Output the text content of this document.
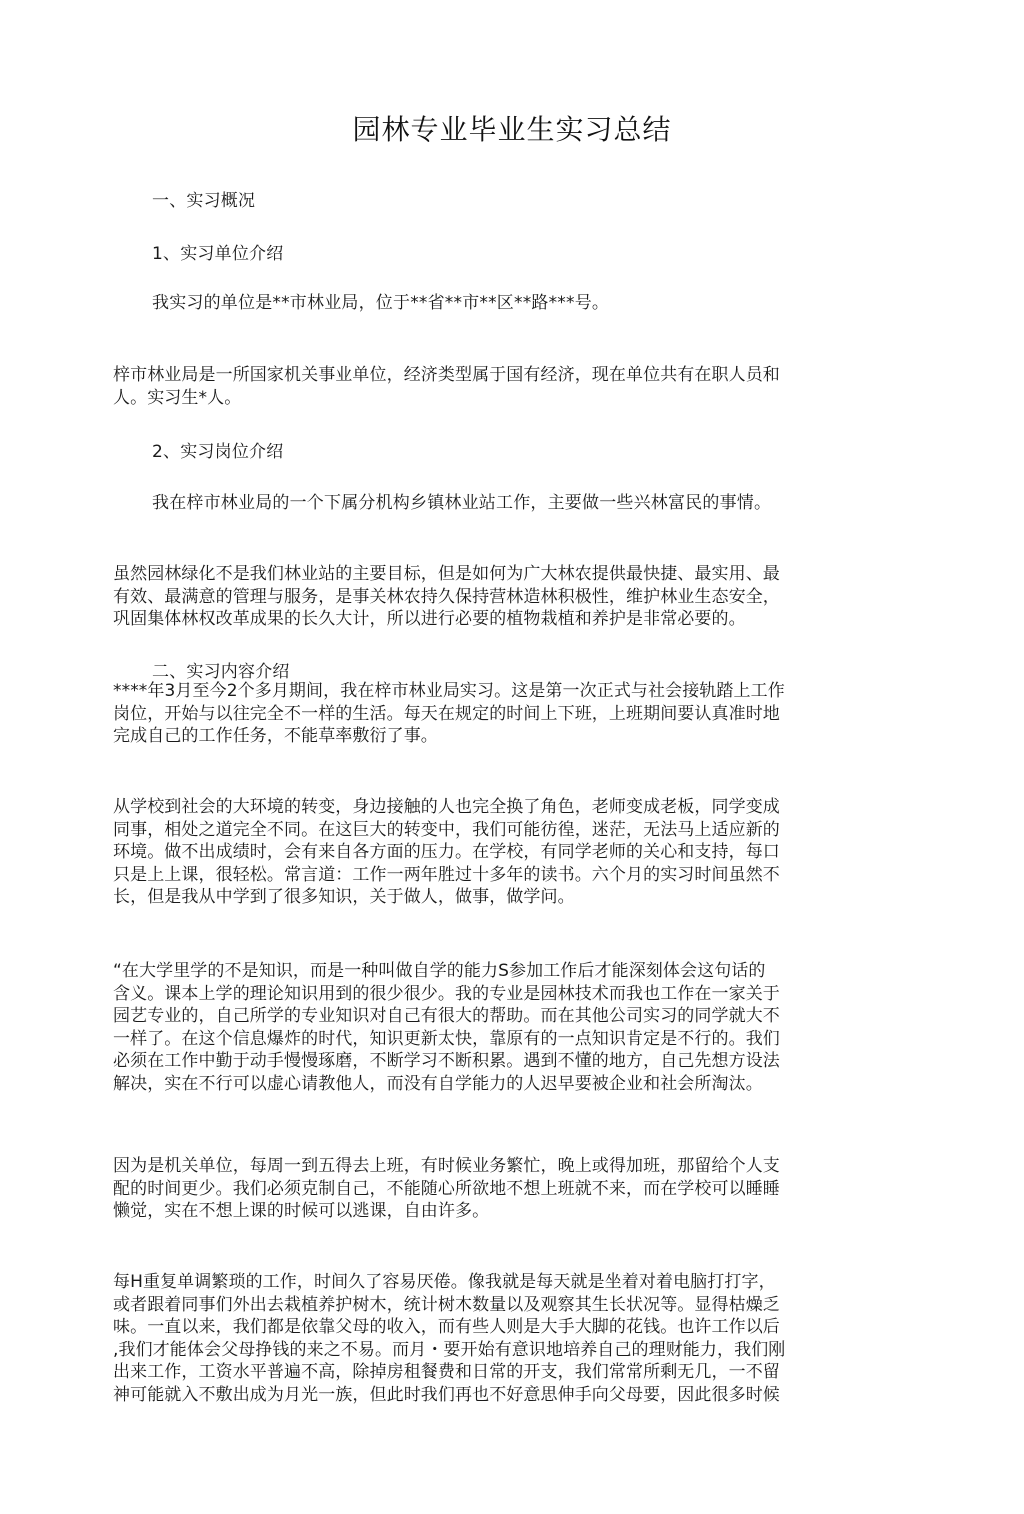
园林专业毕业生实习总结
一、实习概况
1、实习单位介绍
我实习的单位是**市林业局，位于**省**市**区**路***号。
梓市林业局是一所国家机关事业单位，经济类型属于国有经济，现在单位共有在职人员和
人。实习生*人。
2、实习岗位介绍
我在梓市林业局的一个下属分机构乡镇林业站工作，主要做一些兴林富民的事情。
虽然园林绿化不是我们林业站的主要目标，但是如何为广大林农提供最快捷、最实用、最
有效、最满意的管理与服务，是事关林农持久保持营林造林积极性，维护林业生态安全，
巩固集体林权改革成果的长久大计，所以进行必要的植物栽植和养护是非常必要的。
二、实习内容介绍
****年3月至今2个多月期间，我在梓市林业局实习。这是第一次正式与社会接轨踏上工作
岗位，开始与以往完全不一样的生活。每天在规定的时间上下班，上班期间要认真准时地
完成自己的工作任务，不能草率敷衍了事。
从学校到社会的大环境的转变，身边接触的人也完全换了角色，老师变成老板，同学变成
同事，相处之道完全不同。在这巨大的转变中，我们可能彷徨，迷茫，无法马上适应新的
环境。做不出成绩时，会有来自各方面的压力。在学校，有同学老师的关心和支持，每口
只是上上课，很轻松。常言道：工作一两年胜过十多年的读书。六个月的实习时间虽然不
长，但是我从中学到了很多知识，关于做人，做事，做学问。
“在大学里学的不是知识，而是一种叫做自学的能力S参加工作后才能深刻体会这句话的
含义。课本上学的理论知识用到的很少很少。我的专业是园林技术而我也工作在一家关于
园艺专业的，自己所学的专业知识对自己有很大的帮助。而在其他公司实习的同学就大不
一样了。在这个信息爆炸的时代，知识更新太快，靠原有的一点知识肯定是不行的。我们
必须在工作中勤于动手慢慢琢磨，不断学习不断积累。遇到不懂的地方，自己先想方设法
解决，实在不行可以虚心请教他人，而没有自学能力的人迟早要被企业和社会所淘汰。
因为是机关单位，每周一到五得去上班，有时候业务繁忙，晚上或得加班，那留给个人支
配的时间更少。我们必须克制自己，不能随心所欲地不想上班就不来，而在学校可以睡睡
懒觉，实在不想上课的时候可以逃课，自由许多。
每H重复单调繁琐的工作，时间久了容易厌倦。像我就是每天就是坐着对着电脑打打字，
或者跟着同事们外出去栽植养护树木，统计树木数量以及观察其生长状况等。显得枯燥乏
味。一直以来，我们都是依靠父母的收入，而有些人则是大手大脚的花钱。也许工作以后
,我们才能体会父母挣钱的来之不易。而月・要开始有意识地培养自己的理财能力，我们刚
出来工作，工资水平普遍不高，除掉房租餐费和日常的开支，我们常常所剩无几，一不留
神可能就入不敷出成为月光一族，但此时我们再也不好意思伸手向父母要，因此很多时候
